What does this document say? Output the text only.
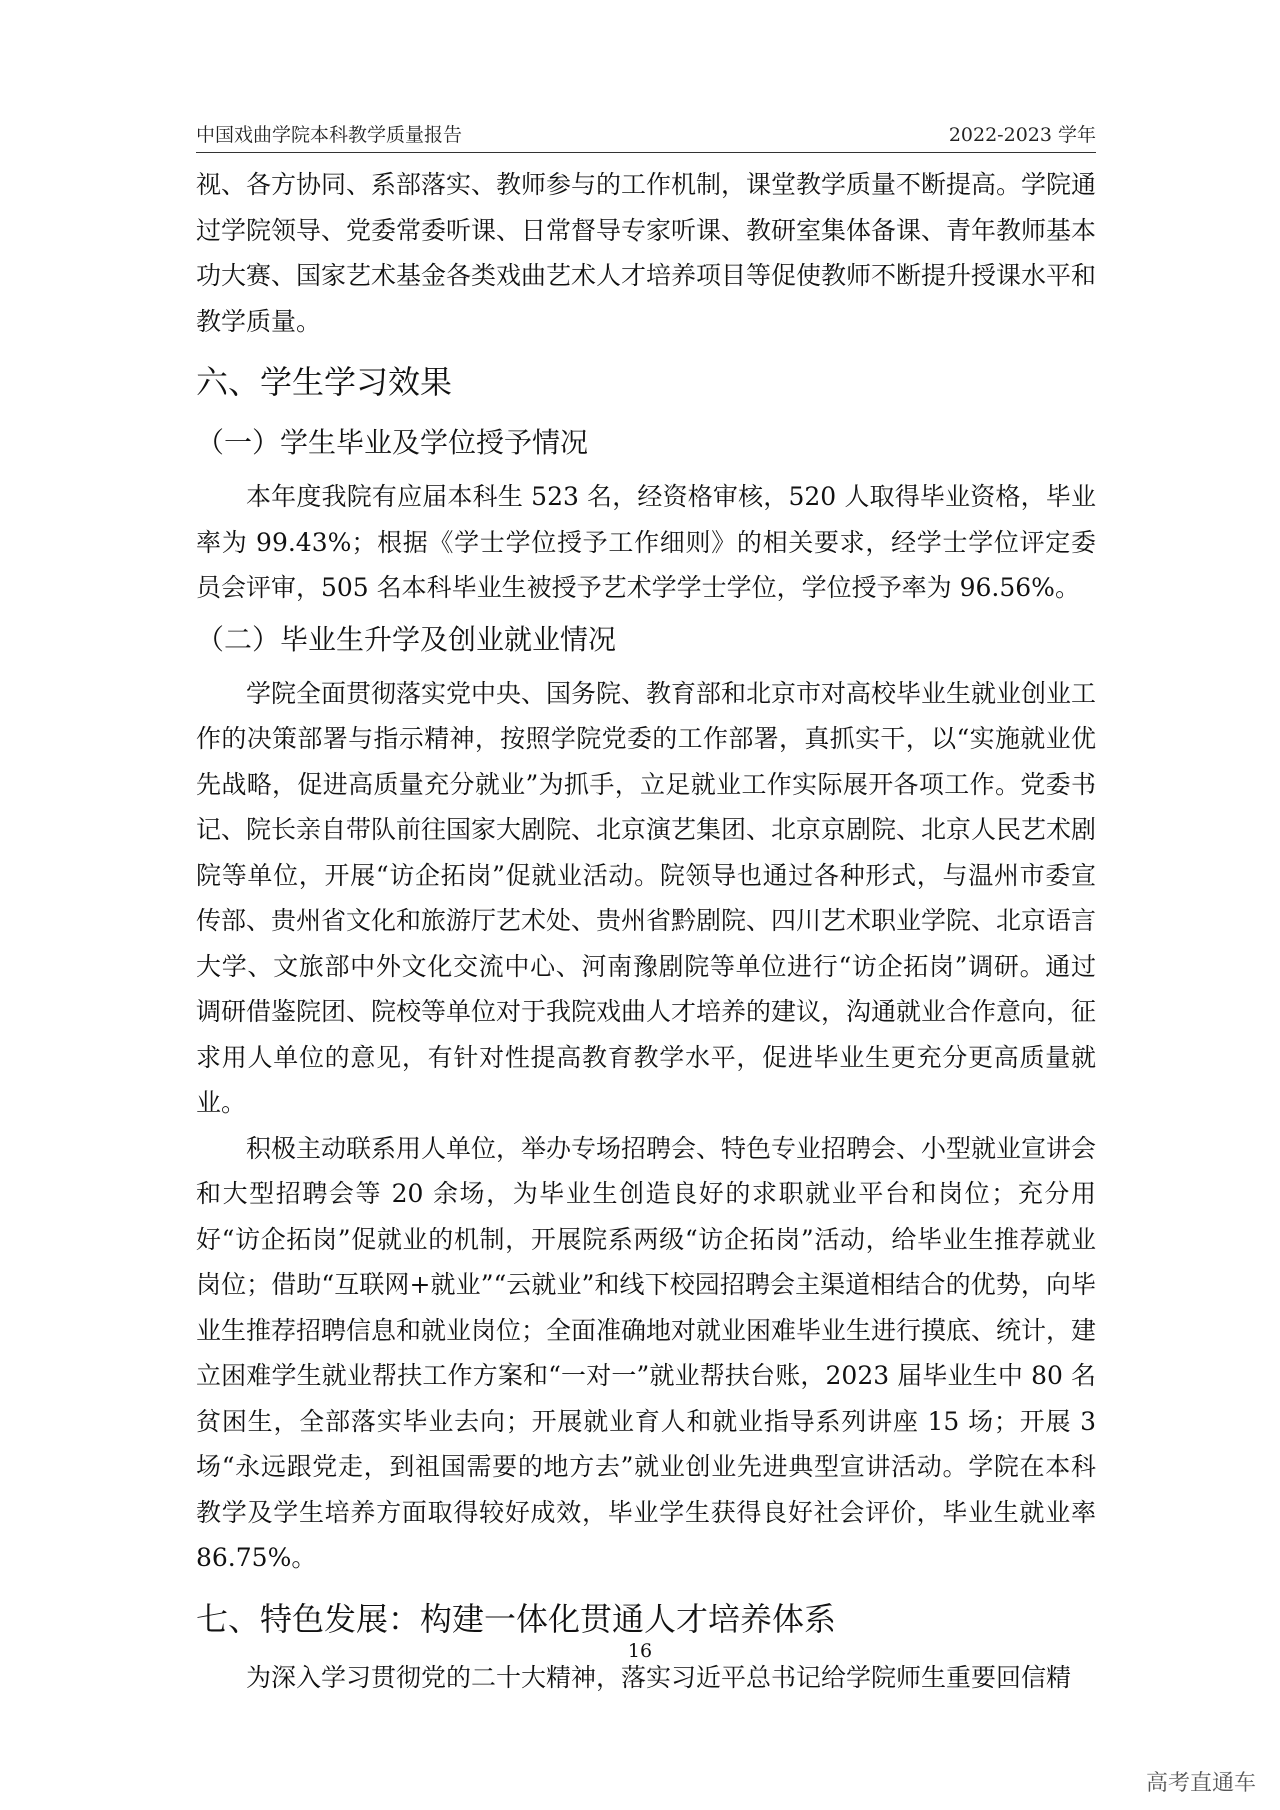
中国戏曲学院本科教学质量报告	2022-2023 学年

视、各方协同、系部落实、教师参与的工作机制，课堂教学质量不断提高。学院通过学院领导、党委常委听课、日常督导专家听课、教研室集体备课、青年教师基本功大赛、国家艺术基金各类戏曲艺术人才培养项目等促使教师不断提升授课水平和教学质量。

六、学生学习效果
（一）学生毕业及学位授予情况

本年度我院有应届本科生 523 名，经资格审核，520 人取得毕业资格，毕业率为 99.43%；根据《学士学位授予工作细则》的相关要求，经学士学位评定委员会评审，505 名本科毕业生被授予艺术学学士学位，学位授予率为 96.56%。

（二）毕业生升学及创业就业情况

学院全面贯彻落实党中央、国务院、教育部和北京市对高校毕业生就业创业工作的决策部署与指示精神，按照学院党委的工作部署，真抓实干，以“实施就业优先战略，促进高质量充分就业”为抓手，立足就业工作实际展开各项工作。党委书记、院长亲自带队前往国家大剧院、北京演艺集团、北京京剧院、北京人民艺术剧院等单位，开展“访企拓岗”促就业活动。院领导也通过各种形式，与温州市委宣传部、贵州省文化和旅游厅艺术处、贵州省黔剧院、四川艺术职业学院、北京语言大学、文旅部中外文化交流中心、河南豫剧院等单位进行“访企拓岗”调研。通过调研借鉴院团、院校等单位对于我院戏曲人才培养的建议，沟通就业合作意向，征求用人单位的意见，有针对性提高教育教学水平，促进毕业生更充分更高质量就业。

积极主动联系用人单位，举办专场招聘会、特色专业招聘会、小型就业宣讲会和大型招聘会等 20 余场，为毕业生创造良好的求职就业平台和岗位；充分用好“访企拓岗”促就业的机制，开展院系两级“访企拓岗”活动，给毕业生推荐就业岗位；借助“互联网+就业”“云就业”和线下校园招聘会主渠道相结合的优势，向毕业生推荐招聘信息和就业岗位；全面准确地对就业困难毕业生进行摸底、统计，建立困难学生就业帮扶工作方案和“一对一”就业帮扶台账，2023 届毕业生中 80 名贫困生，全部落实毕业去向；开展就业育人和就业指导系列讲座 15 场；开展 3 场“永远跟党走，到祖国需要的地方去”就业创业先进典型宣讲活动。学院在本科教学及学生培养方面取得较好成效，毕业学生获得良好社会评价，毕业生就业率 86.75%。

七、特色发展：构建一体化贯通人才培养体系

为深入学习贯彻党的二十大精神，落实习近平总书记给学院师生重要回信精

16
高考直通车
